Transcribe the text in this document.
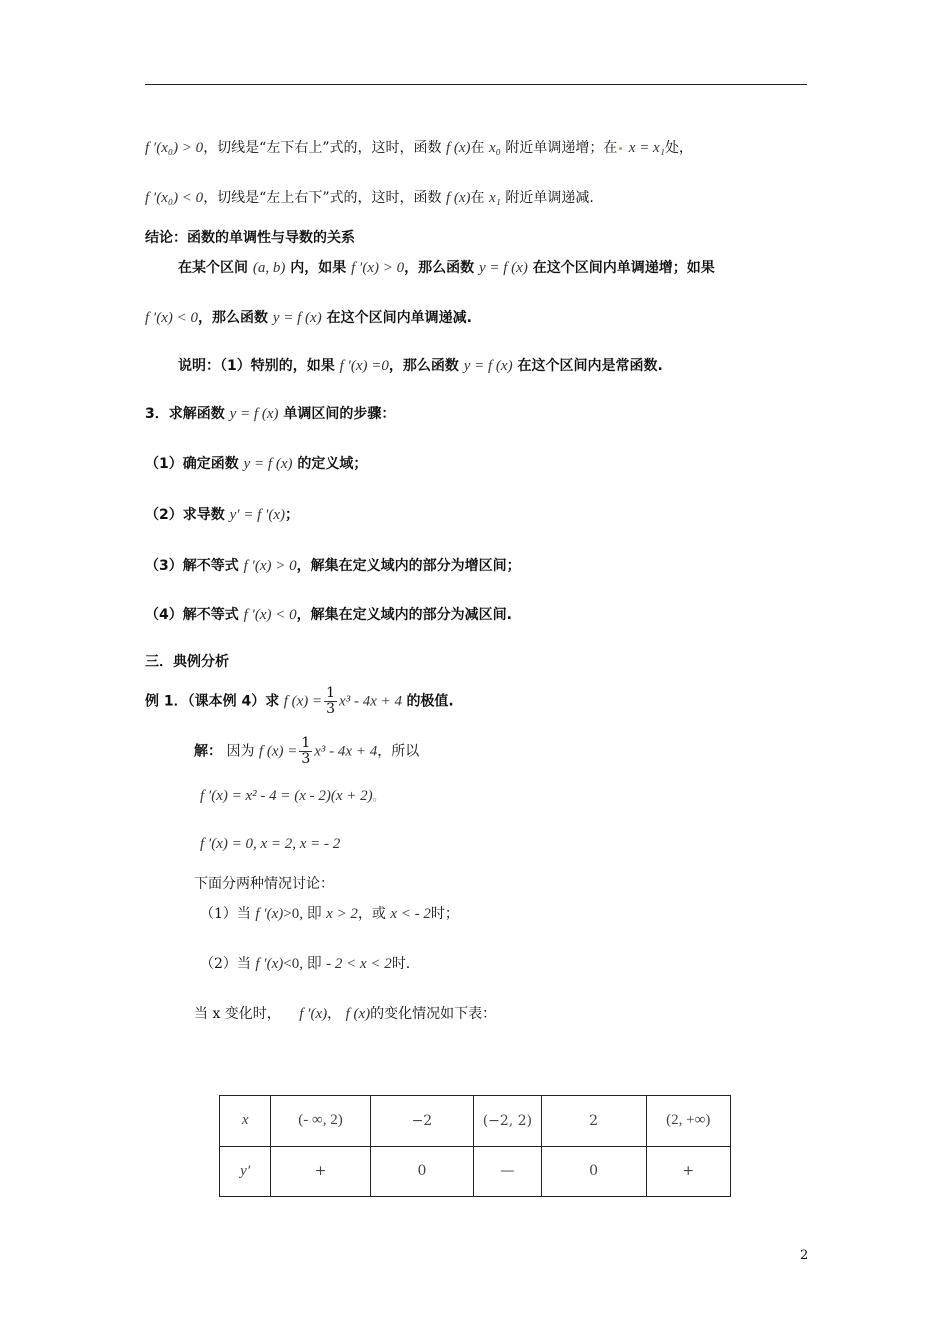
f ′(x₀) > 0，切线是“左下右上”式的，这时，函数 f (x)在 x₀ 附近单调递增；在 x = x₁处，
f ′(x₀) < 0，切线是“左上右下”式的，这时，函数 f (x)在 x₁ 附近单调递减.
结论：函数的单调性与导数的关系
在某个区间 (a, b) 内，如果 f ′(x) > 0，那么函数 y = f (x) 在这个区间内单调递增；如果
f ′(x) < 0，那么函数 y = f (x) 在这个区间内单调递减.
说明：（1）特别的，如果 f ′(x) =0，那么函数 y = f (x) 在这个区间内是常函数.
3．求解函数 y = f (x) 单调区间的步骤：
（1）确定函数 y = f (x) 的定义域；
（2）求导数 y′ = f ′(x)；
（3）解不等式 f ′(x) > 0，解集在定义域内的部分为增区间；
（4）解不等式 f ′(x) < 0，解集在定义域内的部分为减区间.
三．典例分析
例 1．（课本例 4）求 f $(x) = \frac{1}{3} x^3 - 4x + 4$ 的极值.
解： 因为 f $(x) = \frac{1}{3} x^3 - 4x + 4$，所以
f ′(x) = x² - 4 = (x - 2)(x + 2)。
f ′(x) = 0, x = 2, x = - 2
下面分两种情况讨论：
（1）当 f ′(x)>0, 即 x > 2，或 x < - 2时；
（2）当 f ′(x)<0, 即 - 2 < x < 2时.
当 x 变化时， f ′(x)， f (x)的变化情况如下表：
x	(- ∞, 2)	−2	(−2, 2)	2	(2, +∞)
y′	+	0	—	0	+
2
